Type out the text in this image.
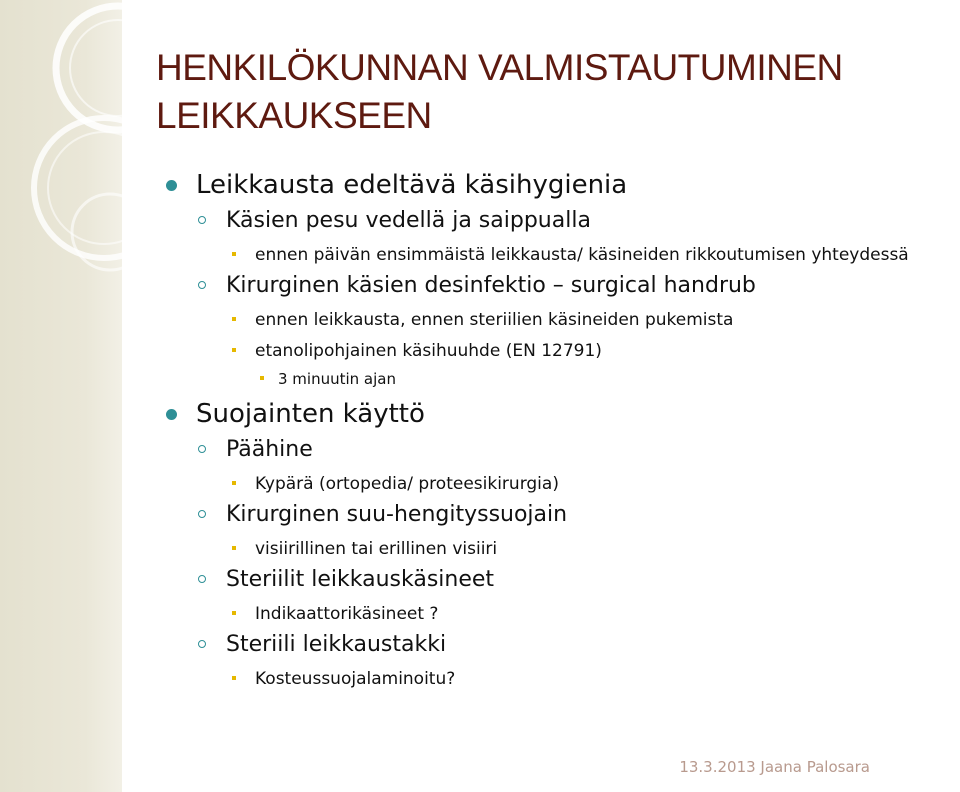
HENKILÖKUNNAN VALMISTAUTUMINEN
LEIKKAUKSEEN
Leikkausta edeltävä käsihygienia
Käsien pesu vedellä ja saippualla
ennen päivän ensimmäistä leikkausta/ käsineiden rikkoutumisen yhteydessä
Kirurginen käsien desinfektio – surgical handrub
ennen leikkausta, ennen steriilien käsineiden pukemista
etanolipohjainen käsihuuhde (EN 12791)
3 minuutin ajan
Suojainten käyttö
Päähine
Kypärä (ortopedia/ proteesikirurgia)
Kirurginen suu-hengityssuojain
visiirillinen tai erillinen visiiri
Steriilit leikkauskäsineet
Indikaattorikäsineet ?
Steriili leikkaustakki
Kosteussuojalaminoitu?
13.3.2013 Jaana Palosara
